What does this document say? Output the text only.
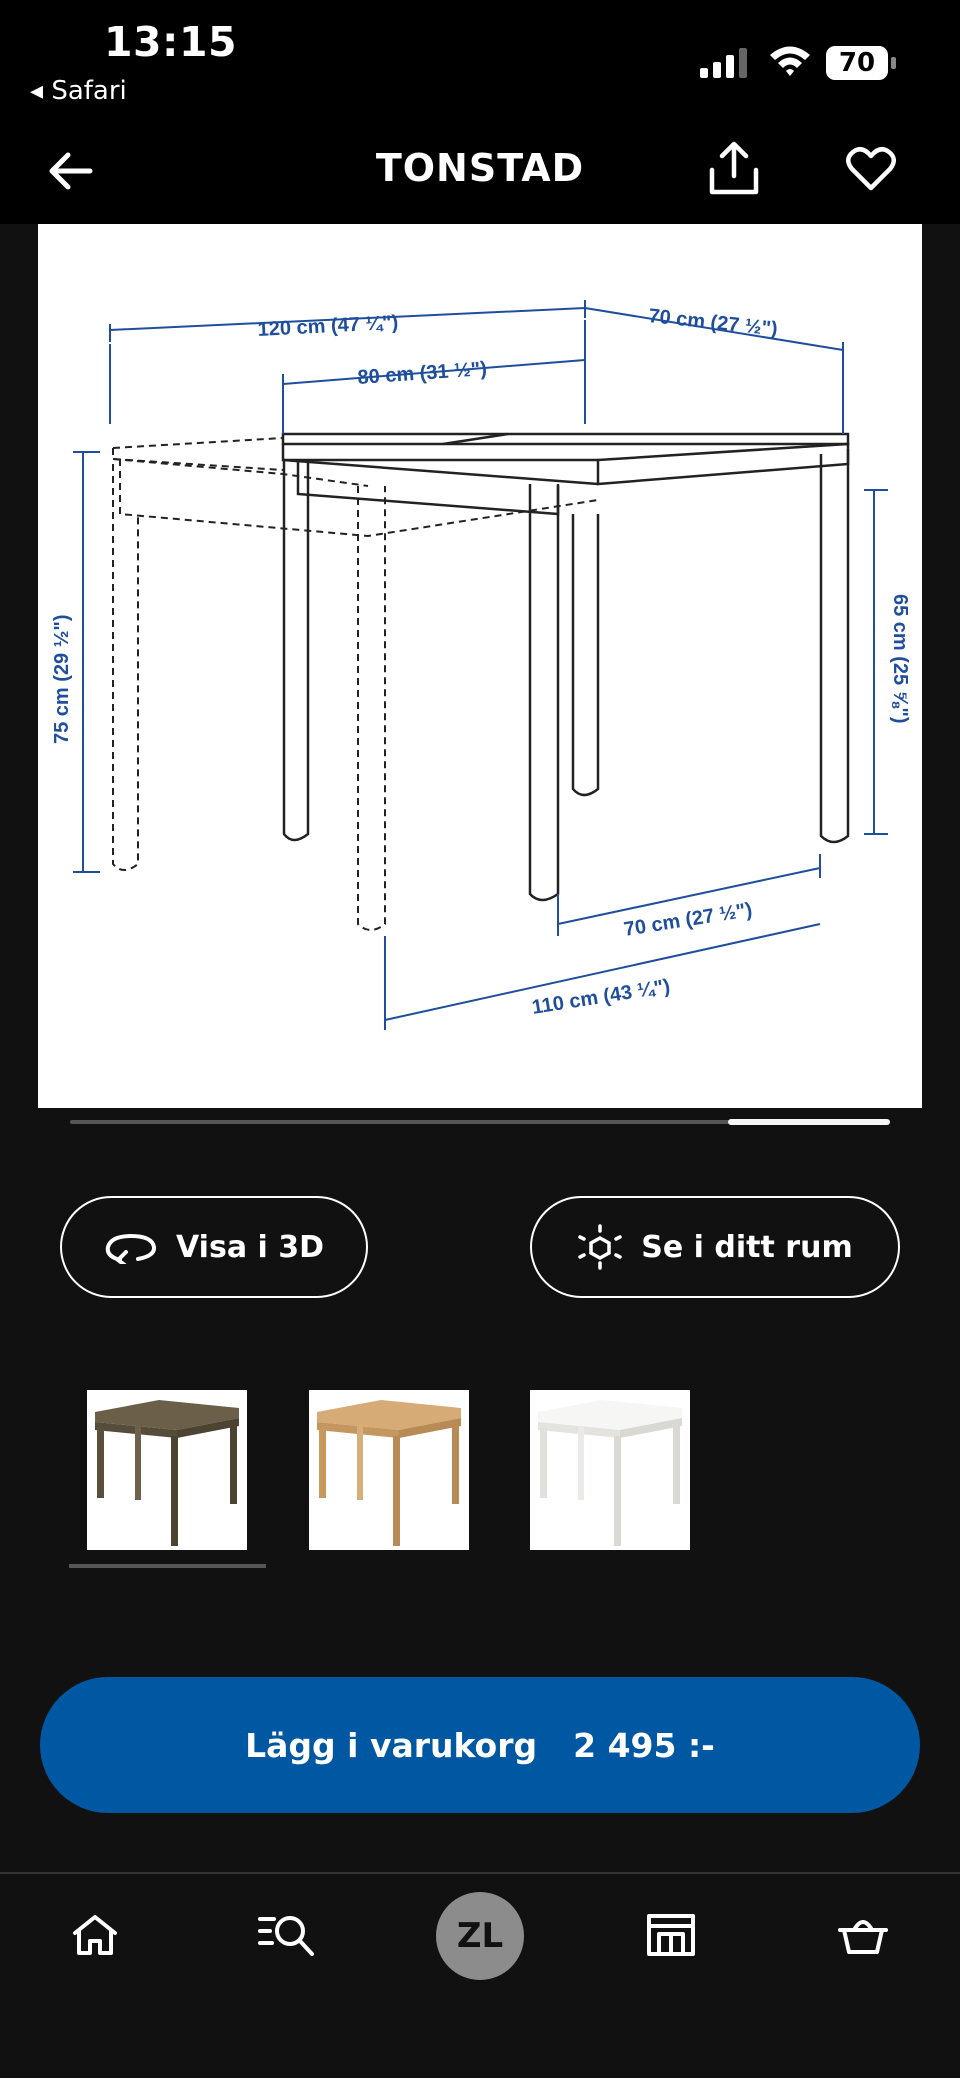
13:15
◂ Safari
70
TONSTAD
120 cm (47 ¼")
80 cm (31 ½")
70 cm (27 ½")
75 cm (29 ½")	65 cm (25 ⅝")
70 cm (27 ½")
110 cm (43 ¼")
Visa i 3D	Se i ditt rum
Lägg i varukorg 2 495 :-
ZL
